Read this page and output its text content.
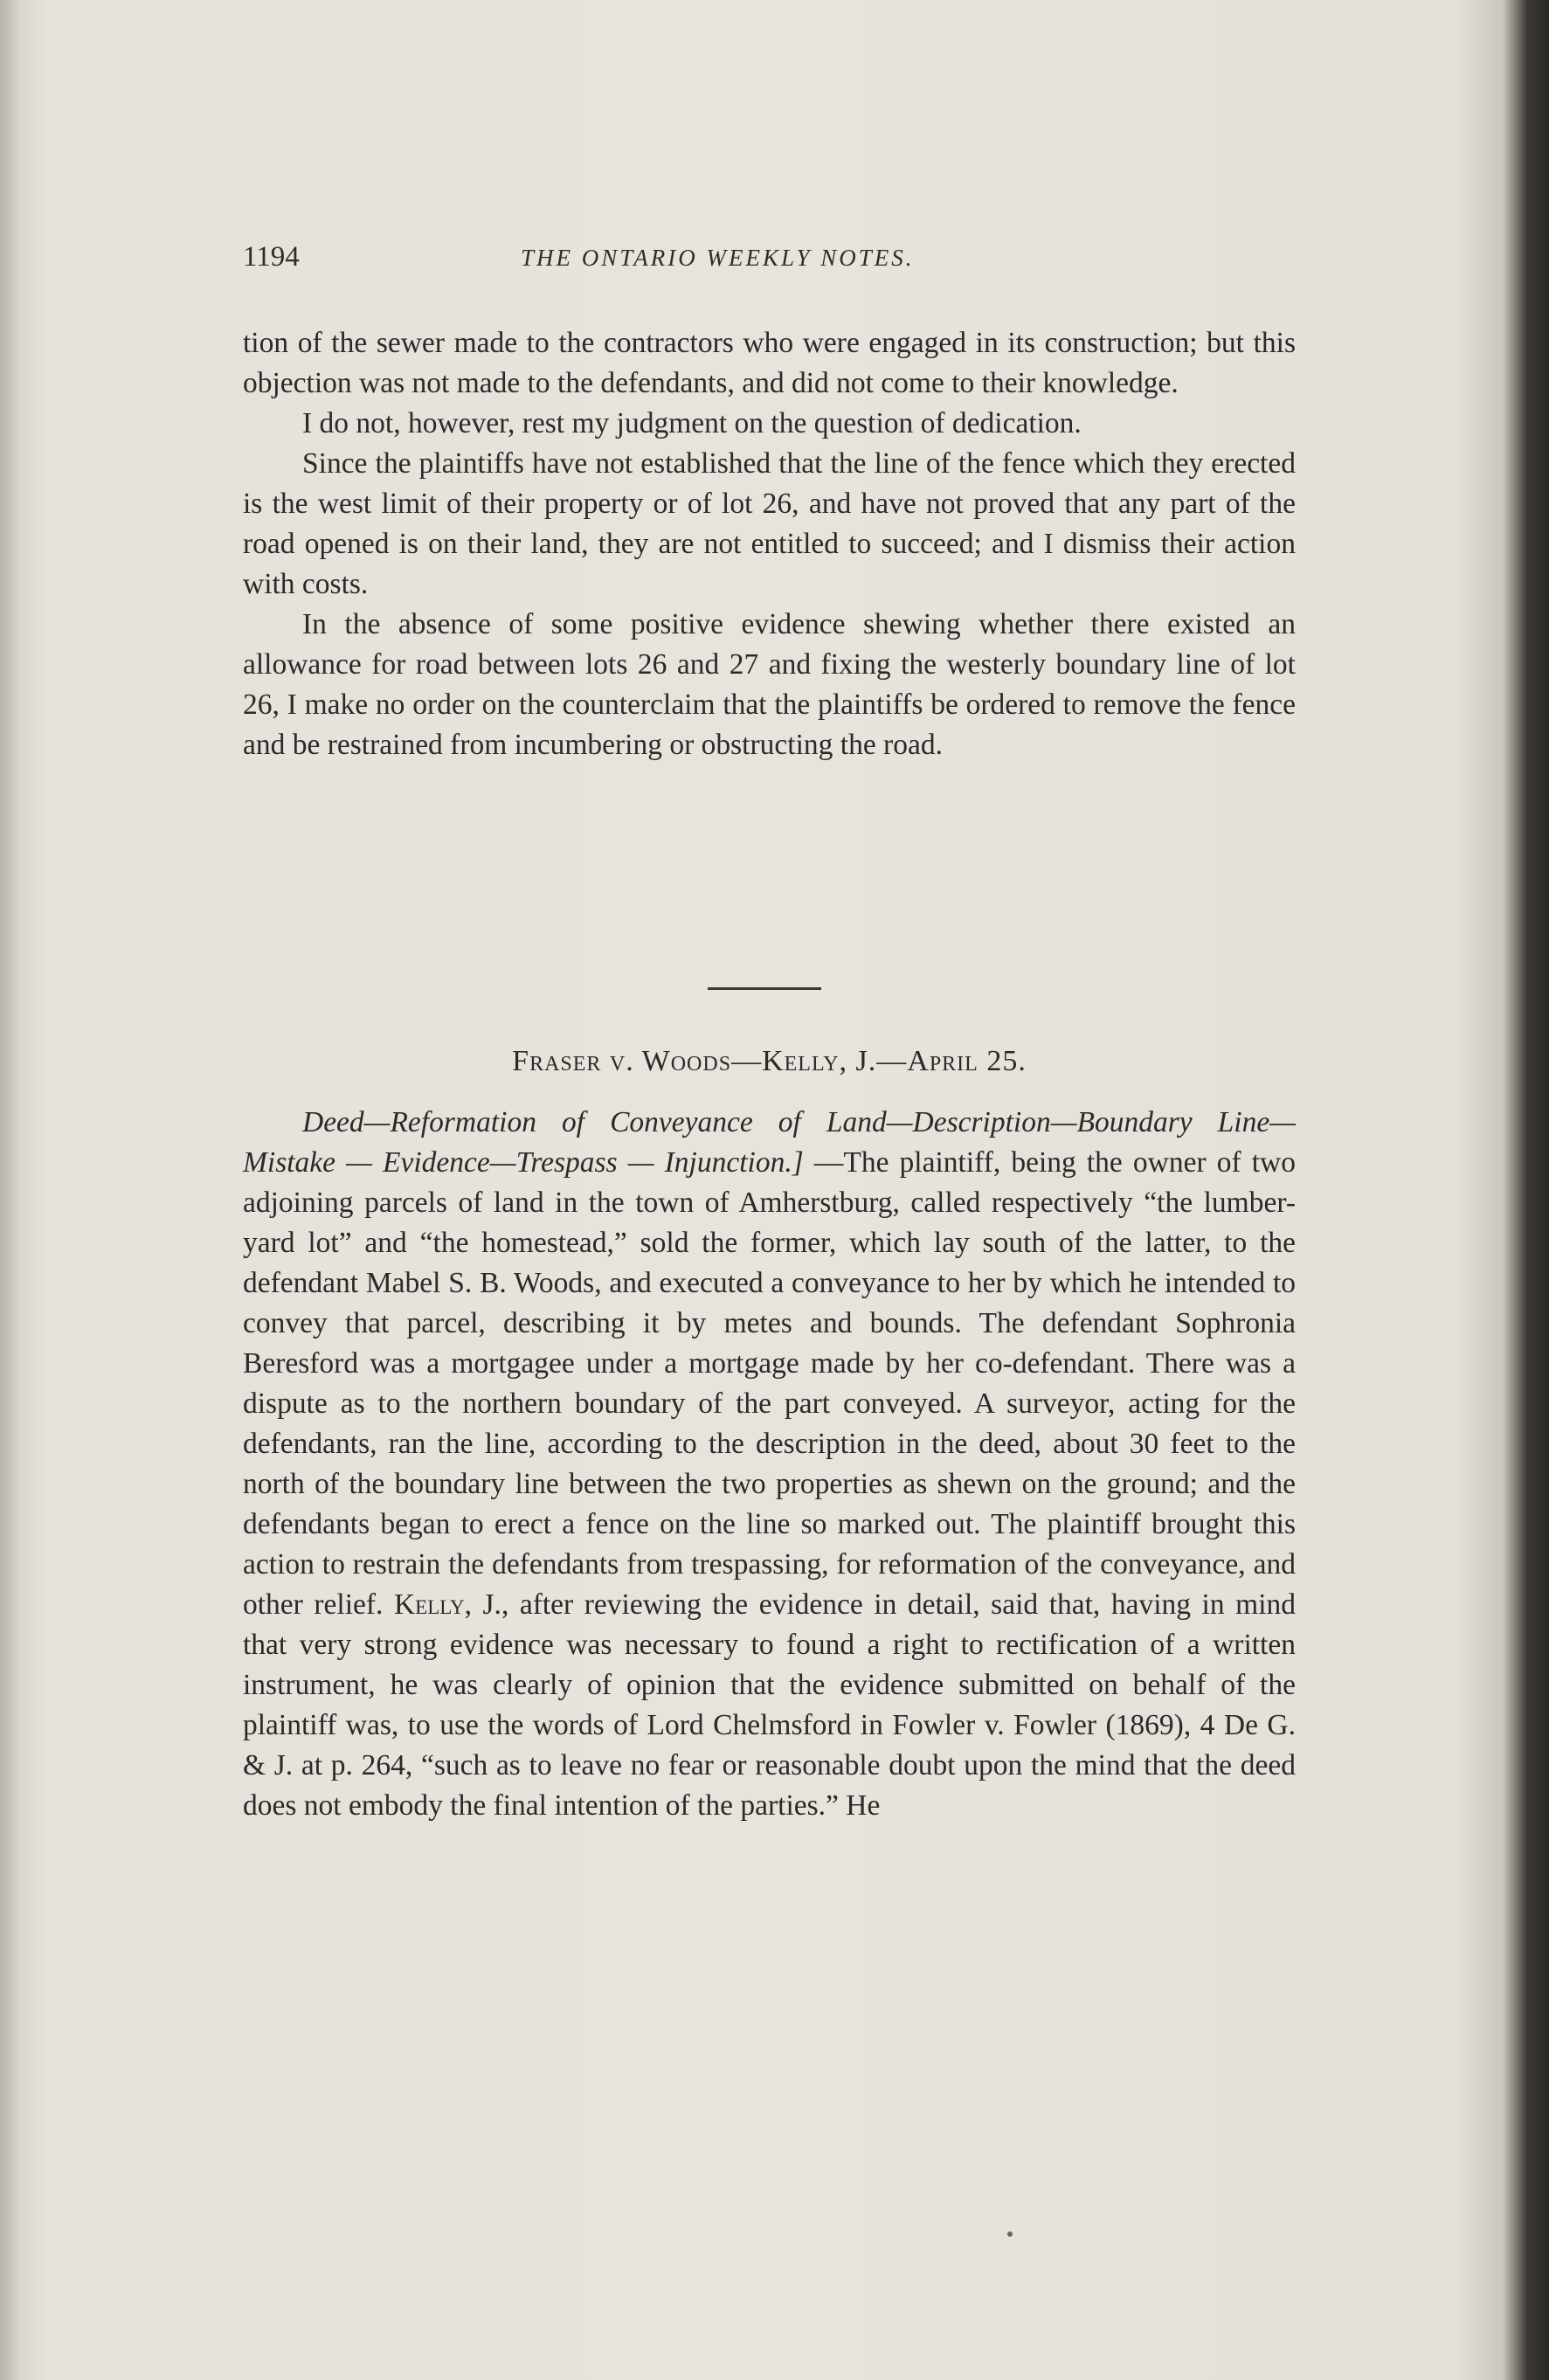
1194	THE ONTARIO WEEKLY NOTES.

tion of the sewer made to the contractors who were engaged in its construction; but this objection was not made to the defendants, and did not come to their knowledge.

I do not, however, rest my judgment on the question of dedication.

Since the plaintiffs have not established that the line of the fence which they erected is the west limit of their property or of lot 26, and have not proved that any part of the road opened is on their land, they are not entitled to succeed; and I dismiss their action with costs.

In the absence of some positive evidence shewing whether there existed an allowance for road between lots 26 and 27 and fixing the westerly boundary line of lot 26, I make no order on the counterclaim that the plaintiffs be ordered to remove the fence and be restrained from incumbering or obstructing the road.

Fraser v. Woods—Kelly, J.—April 25.

Deed—Reformation of Conveyance of Land—Description—Boundary Line—Mistake — Evidence—Trespass — Injunction.] —The plaintiff, being the owner of two adjoining parcels of land in the town of Amherstburg, called respectively “the lumber-yard lot” and “the homestead,” sold the former, which lay south of the latter, to the defendant Mabel S. B. Woods, and executed a conveyance to her by which he intended to convey that parcel, describing it by metes and bounds. The defendant Sophronia Beresford was a mortgagee under a mortgage made by her co-defendant. There was a dispute as to the northern boundary of the part conveyed. A surveyor, acting for the defendants, ran the line, according to the description in the deed, about 30 feet to the north of the boundary line between the two properties as shewn on the ground; and the defendants began to erect a fence on the line so marked out. The plaintiff brought this action to restrain the defendants from trespassing, for reformation of the conveyance, and other relief. Kelly, J., after reviewing the evidence in detail, said that, having in mind that very strong evidence was necessary to found a right to rectification of a written instrument, he was clearly of opinion that the evidence submitted on behalf of the plaintiff was, to use the words of Lord Chelmsford in Fowler v. Fowler (1869), 4 De G. & J. at p. 264, “such as to leave no fear or reasonable doubt upon the mind that the deed does not embody the final intention of the parties.” He
